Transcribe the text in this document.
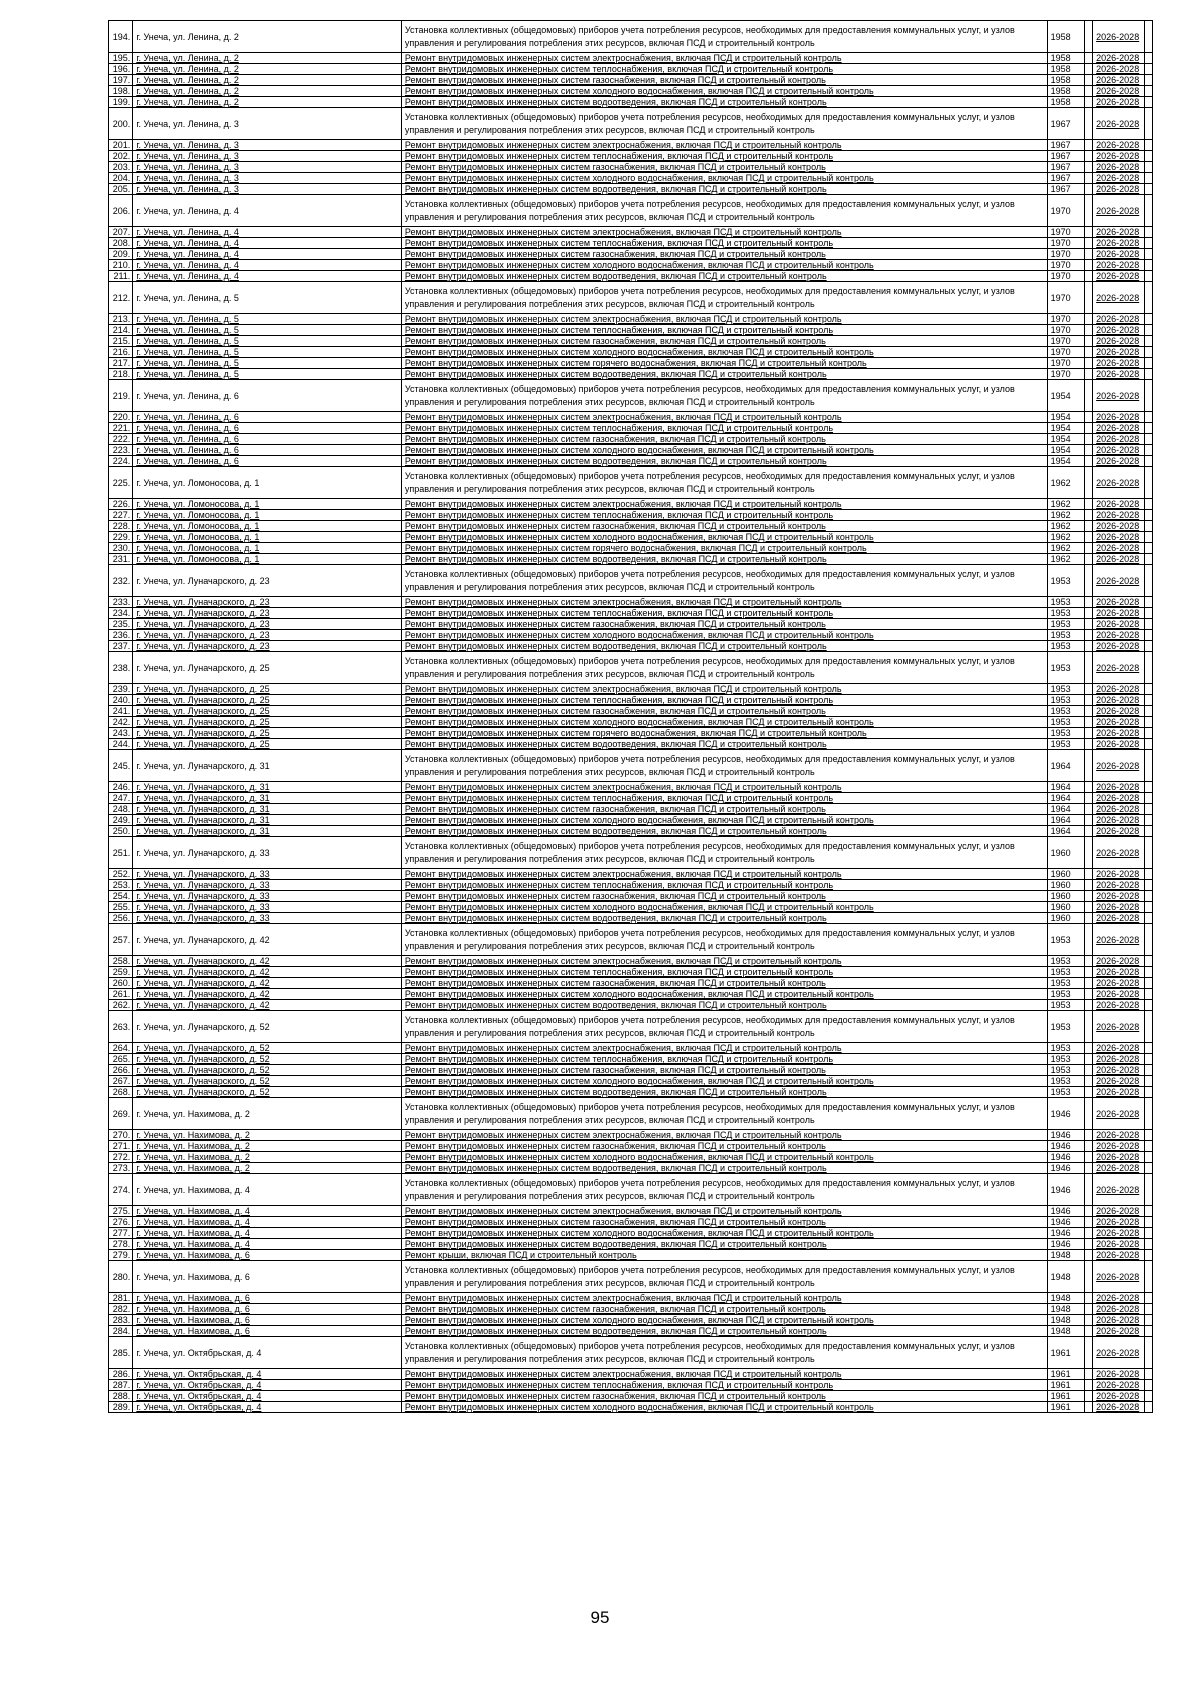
194.	г. Унеча, ул. Ленина, д. 2	Установка коллективных (общедомовых) приборов учета потребления ресурсов, необходимых для предоставления коммунальных услуг, и узлов управления и регулирования потребления этих ресурсов, включая ПСД и строительный контроль	1958		2026-2028	
195.	г. Унеча, ул. Ленина, д. 2	Ремонт внутридомовых инженерных систем электроснабжения, включая ПСД и строительный контроль	1958		2026-2028	
196.	г. Унеча, ул. Ленина, д. 2	Ремонт внутридомовых инженерных систем теплоснабжения, включая ПСД и строительный контроль	1958		2026-2028	
197.	г. Унеча, ул. Ленина, д. 2	Ремонт внутридомовых инженерных систем газоснабжения, включая ПСД и строительный контроль	1958		2026-2028	
198.	г. Унеча, ул. Ленина, д. 2	Ремонт внутридомовых инженерных систем холодного водоснабжения, включая ПСД и строительный контроль	1958		2026-2028	
199.	г. Унеча, ул. Ленина, д. 2	Ремонт внутридомовых инженерных систем водоотведения, включая ПСД и строительный контроль	1958		2026-2028	
200.	г. Унеча, ул. Ленина, д. 3	Установка коллективных (общедомовых) приборов учета потребления ресурсов, необходимых для предоставления коммунальных услуг, и узлов управления и регулирования потребления этих ресурсов, включая ПСД и строительный контроль	1967		2026-2028	
201.	г. Унеча, ул. Ленина, д. 3	Ремонт внутридомовых инженерных систем электроснабжения, включая ПСД и строительный контроль	1967		2026-2028	
202.	г. Унеча, ул. Ленина, д. 3	Ремонт внутридомовых инженерных систем теплоснабжения, включая ПСД и строительный контроль	1967		2026-2028	
203.	г. Унеча, ул. Ленина, д. 3	Ремонт внутридомовых инженерных систем газоснабжения, включая ПСД и строительный контроль	1967		2026-2028	
204.	г. Унеча, ул. Ленина, д. 3	Ремонт внутридомовых инженерных систем холодного водоснабжения, включая ПСД и строительный контроль	1967		2026-2028	
205.	г. Унеча, ул. Ленина, д. 3	Ремонт внутридомовых инженерных систем водоотведения, включая ПСД и строительный контроль	1967		2026-2028	
206.	г. Унеча, ул. Ленина, д. 4	Установка коллективных (общедомовых) приборов учета потребления ресурсов, необходимых для предоставления коммунальных услуг, и узлов управления и регулирования потребления этих ресурсов, включая ПСД и строительный контроль	1970		2026-2028	
207.	г. Унеча, ул. Ленина, д. 4	Ремонт внутридомовых инженерных систем электроснабжения, включая ПСД и строительный контроль	1970		2026-2028	
208.	г. Унеча, ул. Ленина, д. 4	Ремонт внутридомовых инженерных систем теплоснабжения, включая ПСД и строительный контроль	1970		2026-2028	
209.	г. Унеча, ул. Ленина, д. 4	Ремонт внутридомовых инженерных систем газоснабжения, включая ПСД и строительный контроль	1970		2026-2028	
210.	г. Унеча, ул. Ленина, д. 4	Ремонт внутридомовых инженерных систем холодного водоснабжения, включая ПСД и строительный контроль	1970		2026-2028	
211.	г. Унеча, ул. Ленина, д. 4	Ремонт внутридомовых инженерных систем водоотведения, включая ПСД и строительный контроль	1970		2026-2028	
212.	г. Унеча, ул. Ленина, д. 5	Установка коллективных (общедомовых) приборов учета потребления ресурсов, необходимых для предоставления коммунальных услуг, и узлов управления и регулирования потребления этих ресурсов, включая ПСД и строительный контроль	1970		2026-2028	
213.	г. Унеча, ул. Ленина, д. 5	Ремонт внутридомовых инженерных систем электроснабжения, включая ПСД и строительный контроль	1970		2026-2028	
214.	г. Унеча, ул. Ленина, д. 5	Ремонт внутридомовых инженерных систем теплоснабжения, включая ПСД и строительный контроль	1970		2026-2028	
215.	г. Унеча, ул. Ленина, д. 5	Ремонт внутридомовых инженерных систем газоснабжения, включая ПСД и строительный контроль	1970		2026-2028	
216.	г. Унеча, ул. Ленина, д. 5	Ремонт внутридомовых инженерных систем холодного водоснабжения, включая ПСД и строительный контроль	1970		2026-2028	
217.	г. Унеча, ул. Ленина, д. 5	Ремонт внутридомовых инженерных систем горячего водоснабжения, включая ПСД и строительный контроль	1970		2026-2028	
218.	г. Унеча, ул. Ленина, д. 5	Ремонт внутридомовых инженерных систем водоотведения, включая ПСД и строительный контроль	1970		2026-2028	
219.	г. Унеча, ул. Ленина, д. 6	Установка коллективных (общедомовых) приборов учета потребления ресурсов, необходимых для предоставления коммунальных услуг, и узлов управления и регулирования потребления этих ресурсов, включая ПСД и строительный контроль	1954		2026-2028	
220.	г. Унеча, ул. Ленина, д. 6	Ремонт внутридомовых инженерных систем электроснабжения, включая ПСД и строительный контроль	1954		2026-2028	
221.	г. Унеча, ул. Ленина, д. 6	Ремонт внутридомовых инженерных систем теплоснабжения, включая ПСД и строительный контроль	1954		2026-2028	
222.	г. Унеча, ул. Ленина, д. 6	Ремонт внутридомовых инженерных систем газоснабжения, включая ПСД и строительный контроль	1954		2026-2028	
223.	г. Унеча, ул. Ленина, д. 6	Ремонт внутридомовых инженерных систем холодного водоснабжения, включая ПСД и строительный контроль	1954		2026-2028	
224.	г. Унеча, ул. Ленина, д. 6	Ремонт внутридомовых инженерных систем водоотведения, включая ПСД и строительный контроль	1954		2026-2028	
225.	г. Унеча, ул. Ломоносова, д. 1	Установка коллективных (общедомовых) приборов учета потребления ресурсов, необходимых для предоставления коммунальных услуг, и узлов управления и регулирования потребления этих ресурсов, включая ПСД и строительный контроль	1962		2026-2028	
226.	г. Унеча, ул. Ломоносова, д. 1	Ремонт внутридомовых инженерных систем электроснабжения, включая ПСД и строительный контроль	1962		2026-2028	
227.	г. Унеча, ул. Ломоносова, д. 1	Ремонт внутридомовых инженерных систем теплоснабжения, включая ПСД и строительный контроль	1962		2026-2028	
228.	г. Унеча, ул. Ломоносова, д. 1	Ремонт внутридомовых инженерных систем газоснабжения, включая ПСД и строительный контроль	1962		2026-2028	
229.	г. Унеча, ул. Ломоносова, д. 1	Ремонт внутридомовых инженерных систем холодного водоснабжения, включая ПСД и строительный контроль	1962		2026-2028	
230.	г. Унеча, ул. Ломоносова, д. 1	Ремонт внутридомовых инженерных систем горячего водоснабжения, включая ПСД и строительный контроль	1962		2026-2028	
231.	г. Унеча, ул. Ломоносова, д. 1	Ремонт внутридомовых инженерных систем водоотведения, включая ПСД и строительный контроль	1962		2026-2028	
232.	г. Унеча, ул. Луначарского, д. 23	Установка коллективных (общедомовых) приборов учета потребления ресурсов, необходимых для предоставления коммунальных услуг, и узлов управления и регулирования потребления этих ресурсов, включая ПСД и строительный контроль	1953		2026-2028	
233.	г. Унеча, ул. Луначарского, д. 23	Ремонт внутридомовых инженерных систем электроснабжения, включая ПСД и строительный контроль	1953		2026-2028	
234.	г. Унеча, ул. Луначарского, д. 23	Ремонт внутридомовых инженерных систем теплоснабжения, включая ПСД и строительный контроль	1953		2026-2028	
235.	г. Унеча, ул. Луначарского, д. 23	Ремонт внутридомовых инженерных систем газоснабжения, включая ПСД и строительный контроль	1953		2026-2028	
236.	г. Унеча, ул. Луначарского, д. 23	Ремонт внутридомовых инженерных систем холодного водоснабжения, включая ПСД и строительный контроль	1953		2026-2028	
237.	г. Унеча, ул. Луначарского, д. 23	Ремонт внутридомовых инженерных систем водоотведения, включая ПСД и строительный контроль	1953		2026-2028	
238.	г. Унеча, ул. Луначарского, д. 25	Установка коллективных (общедомовых) приборов учета потребления ресурсов, необходимых для предоставления коммунальных услуг, и узлов управления и регулирования потребления этих ресурсов, включая ПСД и строительный контроль	1953		2026-2028	
239.	г. Унеча, ул. Луначарского, д. 25	Ремонт внутридомовых инженерных систем электроснабжения, включая ПСД и строительный контроль	1953		2026-2028	
240.	г. Унеча, ул. Луначарского, д. 25	Ремонт внутридомовых инженерных систем теплоснабжения, включая ПСД и строительный контроль	1953		2026-2028	
241.	г. Унеча, ул. Луначарского, д. 25	Ремонт внутридомовых инженерных систем газоснабжения, включая ПСД и строительный контроль	1953		2026-2028	
242.	г. Унеча, ул. Луначарского, д. 25	Ремонт внутридомовых инженерных систем холодного водоснабжения, включая ПСД и строительный контроль	1953		2026-2028	
243.	г. Унеча, ул. Луначарского, д. 25	Ремонт внутридомовых инженерных систем горячего водоснабжения, включая ПСД и строительный контроль	1953		2026-2028	
244.	г. Унеча, ул. Луначарского, д. 25	Ремонт внутридомовых инженерных систем водоотведения, включая ПСД и строительный контроль	1953		2026-2028	
245.	г. Унеча, ул. Луначарского, д. 31	Установка коллективных (общедомовых) приборов учета потребления ресурсов, необходимых для предоставления коммунальных услуг, и узлов управления и регулирования потребления этих ресурсов, включая ПСД и строительный контроль	1964		2026-2028	
246.	г. Унеча, ул. Луначарского, д. 31	Ремонт внутридомовых инженерных систем электроснабжения, включая ПСД и строительный контроль	1964		2026-2028	
247.	г. Унеча, ул. Луначарского, д. 31	Ремонт внутридомовых инженерных систем теплоснабжения, включая ПСД и строительный контроль	1964		2026-2028	
248.	г. Унеча, ул. Луначарского, д. 31	Ремонт внутридомовых инженерных систем газоснабжения, включая ПСД и строительный контроль	1964		2026-2028	
249.	г. Унеча, ул. Луначарского, д. 31	Ремонт внутридомовых инженерных систем холодного водоснабжения, включая ПСД и строительный контроль	1964		2026-2028	
250.	г. Унеча, ул. Луначарского, д. 31	Ремонт внутридомовых инженерных систем водоотведения, включая ПСД и строительный контроль	1964		2026-2028	
251.	г. Унеча, ул. Луначарского, д. 33	Установка коллективных (общедомовых) приборов учета потребления ресурсов, необходимых для предоставления коммунальных услуг, и узлов управления и регулирования потребления этих ресурсов, включая ПСД и строительный контроль	1960		2026-2028	
252.	г. Унеча, ул. Луначарского, д. 33	Ремонт внутридомовых инженерных систем электроснабжения, включая ПСД и строительный контроль	1960		2026-2028	
253.	г. Унеча, ул. Луначарского, д. 33	Ремонт внутридомовых инженерных систем теплоснабжения, включая ПСД и строительный контроль	1960		2026-2028	
254.	г. Унеча, ул. Луначарского, д. 33	Ремонт внутридомовых инженерных систем газоснабжения, включая ПСД и строительный контроль	1960		2026-2028	
255.	г. Унеча, ул. Луначарского, д. 33	Ремонт внутридомовых инженерных систем холодного водоснабжения, включая ПСД и строительный контроль	1960		2026-2028	
256.	г. Унеча, ул. Луначарского, д. 33	Ремонт внутридомовых инженерных систем водоотведения, включая ПСД и строительный контроль	1960		2026-2028	
257.	г. Унеча, ул. Луначарского, д. 42	Установка коллективных (общедомовых) приборов учета потребления ресурсов, необходимых для предоставления коммунальных услуг, и узлов управления и регулирования потребления этих ресурсов, включая ПСД и строительный контроль	1953		2026-2028	
258.	г. Унеча, ул. Луначарского, д. 42	Ремонт внутридомовых инженерных систем электроснабжения, включая ПСД и строительный контроль	1953		2026-2028	
259.	г. Унеча, ул. Луначарского, д. 42	Ремонт внутридомовых инженерных систем теплоснабжения, включая ПСД и строительный контроль	1953		2026-2028	
260.	г. Унеча, ул. Луначарского, д. 42	Ремонт внутридомовых инженерных систем газоснабжения, включая ПСД и строительный контроль	1953		2026-2028	
261.	г. Унеча, ул. Луначарского, д. 42	Ремонт внутридомовых инженерных систем холодного водоснабжения, включая ПСД и строительный контроль	1953		2026-2028	
262.	г. Унеча, ул. Луначарского, д. 42	Ремонт внутридомовых инженерных систем водоотведения, включая ПСД и строительный контроль	1953		2026-2028	
263.	г. Унеча, ул. Луначарского, д. 52	Установка коллективных (общедомовых) приборов учета потребления ресурсов, необходимых для предоставления коммунальных услуг, и узлов управления и регулирования потребления этих ресурсов, включая ПСД и строительный контроль	1953		2026-2028	
264.	г. Унеча, ул. Луначарского, д. 52	Ремонт внутридомовых инженерных систем электроснабжения, включая ПСД и строительный контроль	1953		2026-2028	
265.	г. Унеча, ул. Луначарского, д. 52	Ремонт внутридомовых инженерных систем теплоснабжения, включая ПСД и строительный контроль	1953		2026-2028	
266.	г. Унеча, ул. Луначарского, д. 52	Ремонт внутридомовых инженерных систем газоснабжения, включая ПСД и строительный контроль	1953		2026-2028	
267.	г. Унеча, ул. Луначарского, д. 52	Ремонт внутридомовых инженерных систем холодного водоснабжения, включая ПСД и строительный контроль	1953		2026-2028	
268.	г. Унеча, ул. Луначарского, д. 52	Ремонт внутридомовых инженерных систем водоотведения, включая ПСД и строительный контроль	1953		2026-2028	
269.	г. Унеча, ул. Нахимова, д. 2	Установка коллективных (общедомовых) приборов учета потребления ресурсов, необходимых для предоставления коммунальных услуг, и узлов управления и регулирования потребления этих ресурсов, включая ПСД и строительный контроль	1946		2026-2028	
270.	г. Унеча, ул. Нахимова, д. 2	Ремонт внутридомовых инженерных систем электроснабжения, включая ПСД и строительный контроль	1946		2026-2028	
271.	г. Унеча, ул. Нахимова, д. 2	Ремонт внутридомовых инженерных систем газоснабжения, включая ПСД и строительный контроль	1946		2026-2028	
272.	г. Унеча, ул. Нахимова, д. 2	Ремонт внутридомовых инженерных систем холодного водоснабжения, включая ПСД и строительный контроль	1946		2026-2028	
273.	г. Унеча, ул. Нахимова, д. 2	Ремонт внутридомовых инженерных систем водоотведения, включая ПСД и строительный контроль	1946		2026-2028	
274.	г. Унеча, ул. Нахимова, д. 4	Установка коллективных (общедомовых) приборов учета потребления ресурсов, необходимых для предоставления коммунальных услуг, и узлов управления и регулирования потребления этих ресурсов, включая ПСД и строительный контроль	1946		2026-2028	
275.	г. Унеча, ул. Нахимова, д. 4	Ремонт внутридомовых инженерных систем электроснабжения, включая ПСД и строительный контроль	1946		2026-2028	
276.	г. Унеча, ул. Нахимова, д. 4	Ремонт внутридомовых инженерных систем газоснабжения, включая ПСД и строительный контроль	1946		2026-2028	
277.	г. Унеча, ул. Нахимова, д. 4	Ремонт внутридомовых инженерных систем холодного водоснабжения, включая ПСД и строительный контроль	1946		2026-2028	
278.	г. Унеча, ул. Нахимова, д. 4	Ремонт внутридомовых инженерных систем водоотведения, включая ПСД и строительный контроль	1946		2026-2028	
279.	г. Унеча, ул. Нахимова, д. 6	Ремонт крыши, включая ПСД и строительный контроль	1948		2026-2028	
280.	г. Унеча, ул. Нахимова, д. 6	Установка коллективных (общедомовых) приборов учета потребления ресурсов, необходимых для предоставления коммунальных услуг, и узлов управления и регулирования потребления этих ресурсов, включая ПСД и строительный контроль	1948		2026-2028	
281.	г. Унеча, ул. Нахимова, д. 6	Ремонт внутридомовых инженерных систем электроснабжения, включая ПСД и строительный контроль	1948		2026-2028	
282.	г. Унеча, ул. Нахимова, д. 6	Ремонт внутридомовых инженерных систем газоснабжения, включая ПСД и строительный контроль	1948		2026-2028	
283.	г. Унеча, ул. Нахимова, д. 6	Ремонт внутридомовых инженерных систем холодного водоснабжения, включая ПСД и строительный контроль	1948		2026-2028	
284.	г. Унеча, ул. Нахимова, д. 6	Ремонт внутридомовых инженерных систем водоотведения, включая ПСД и строительный контроль	1948		2026-2028	
285.	г. Унеча, ул. Октябрьская, д. 4	Установка коллективных (общедомовых) приборов учета потребления ресурсов, необходимых для предоставления коммунальных услуг, и узлов управления и регулирования потребления этих ресурсов, включая ПСД и строительный контроль	1961		2026-2028	
286.	г. Унеча, ул. Октябрьская, д. 4	Ремонт внутридомовых инженерных систем электроснабжения, включая ПСД и строительный контроль	1961		2026-2028	
287.	г. Унеча, ул. Октябрьская, д. 4	Ремонт внутридомовых инженерных систем теплоснабжения, включая ПСД и строительный контроль	1961		2026-2028	
288.	г. Унеча, ул. Октябрьская, д. 4	Ремонт внутридомовых инженерных систем газоснабжения, включая ПСД и строительный контроль	1961		2026-2028	
289.	г. Унеча, ул. Октябрьская, д. 4	Ремонт внутридомовых инженерных систем холодного водоснабжения, включая ПСД и строительный контроль	1961		2026-2028	
95
